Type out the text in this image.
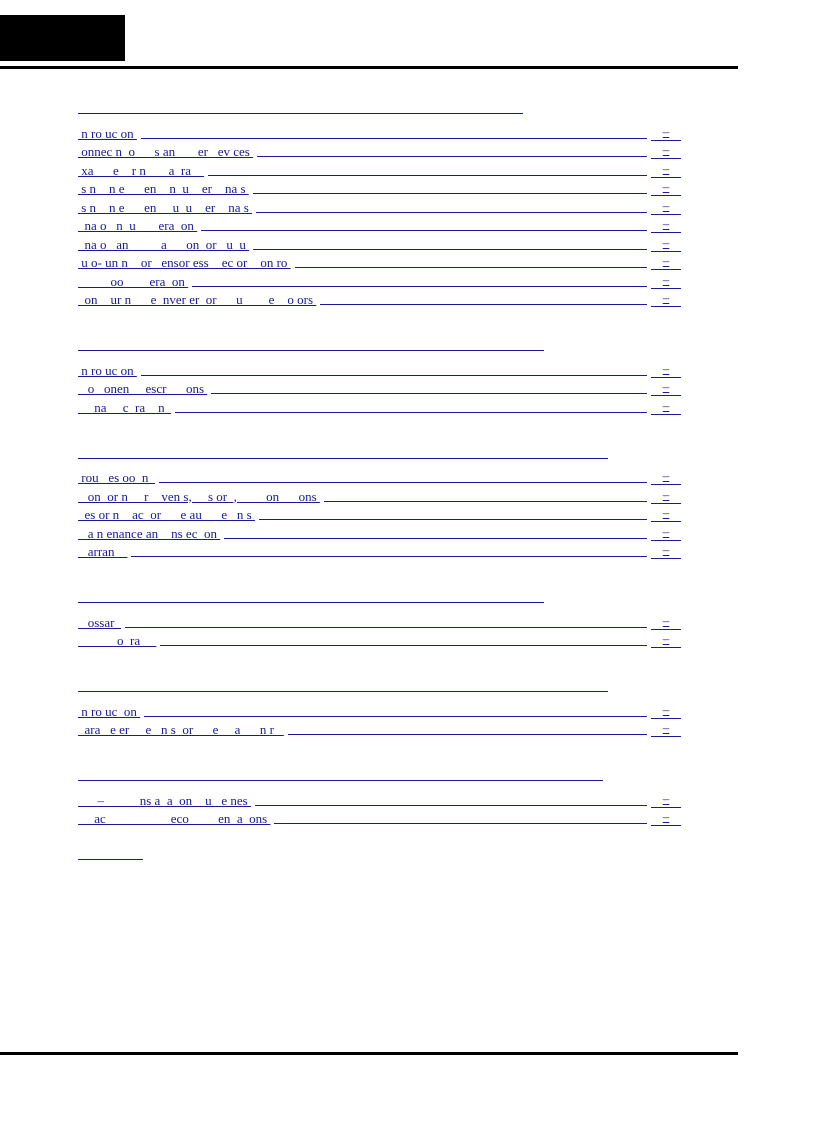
n ro uc on	–
onnec n  o      s an       er   ev ces	–
xa      e    r n       a  ra	–
s n    n e      en    n  u    er    na s	–
s n    n e      en     u  u    er    na s	–
na o   n  u       era  on	–
na o   an          a      on  or   u  u	–
u o- un n    or   ensor ess    ec or    on ro	–
oo        era  on	–
on    ur n      e  nver er  or      u        e    o ors	–
n ro uc on	–
o   onen     escr      ons	–
na     c  ra    n	–
rou   es oo  n	–
on  or n     r    ven s,     s or  ,         on      ons	–
es or n    ac  or      e au      e   n s	–
a n enance an    ns ec  on	–
arran	–
ossar	–
o  ra	–
n ro uc  on	–
ara   e er     e   n s  or      e     a      n r	–
–           ns a  a  on    u   e nes	–
ac                    eco         en  a  ons	–
